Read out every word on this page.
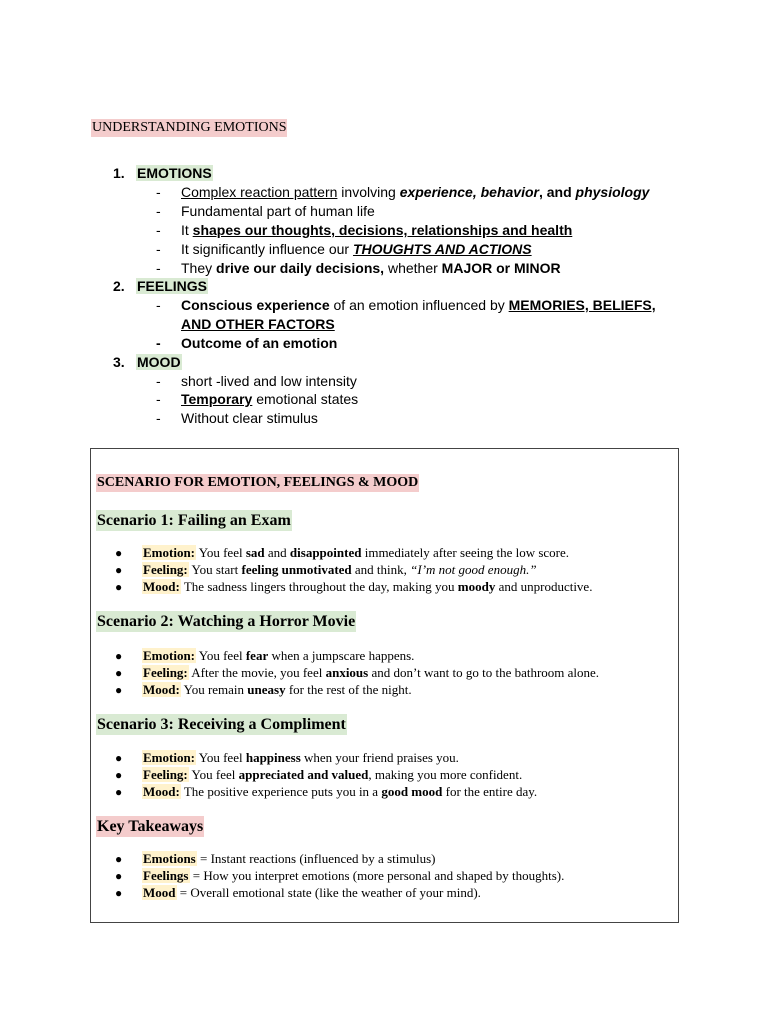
UNDERSTANDING EMOTIONS
1. EMOTIONS
- Complex reaction pattern involving experience, behavior, and physiology
- Fundamental part of human life
- It shapes our thoughts, decisions, relationships and health
- It significantly influence our THOUGHTS AND ACTIONS
- They drive our daily decisions, whether MAJOR or MINOR
2. FEELINGS
- Conscious experience of an emotion influenced by MEMORIES, BELIEFS,
AND OTHER FACTORS
- Outcome of an emotion
3. MOOD
- short -lived and low intensity
- Temporary emotional states
- Without clear stimulus
SCENARIO FOR EMOTION, FEELINGS & MOOD
Scenario 1: Failing an Exam
● Emotion: You feel sad and disappointed immediately after seeing the low score.
● Feeling: You start feeling unmotivated and think, “I’m not good enough.”
● Mood: The sadness lingers throughout the day, making you moody and unproductive.
Scenario 2: Watching a Horror Movie
● Emotion: You feel fear when a jumpscare happens.
● Feeling: After the movie, you feel anxious and don’t want to go to the bathroom alone.
● Mood: You remain uneasy for the rest of the night.
Scenario 3: Receiving a Compliment
● Emotion: You feel happiness when your friend praises you.
● Feeling: You feel appreciated and valued, making you more confident.
● Mood: The positive experience puts you in a good mood for the entire day.
Key Takeaways
● Emotions = Instant reactions (influenced by a stimulus)
● Feelings = How you interpret emotions (more personal and shaped by thoughts).
● Mood = Overall emotional state (like the weather of your mind).
